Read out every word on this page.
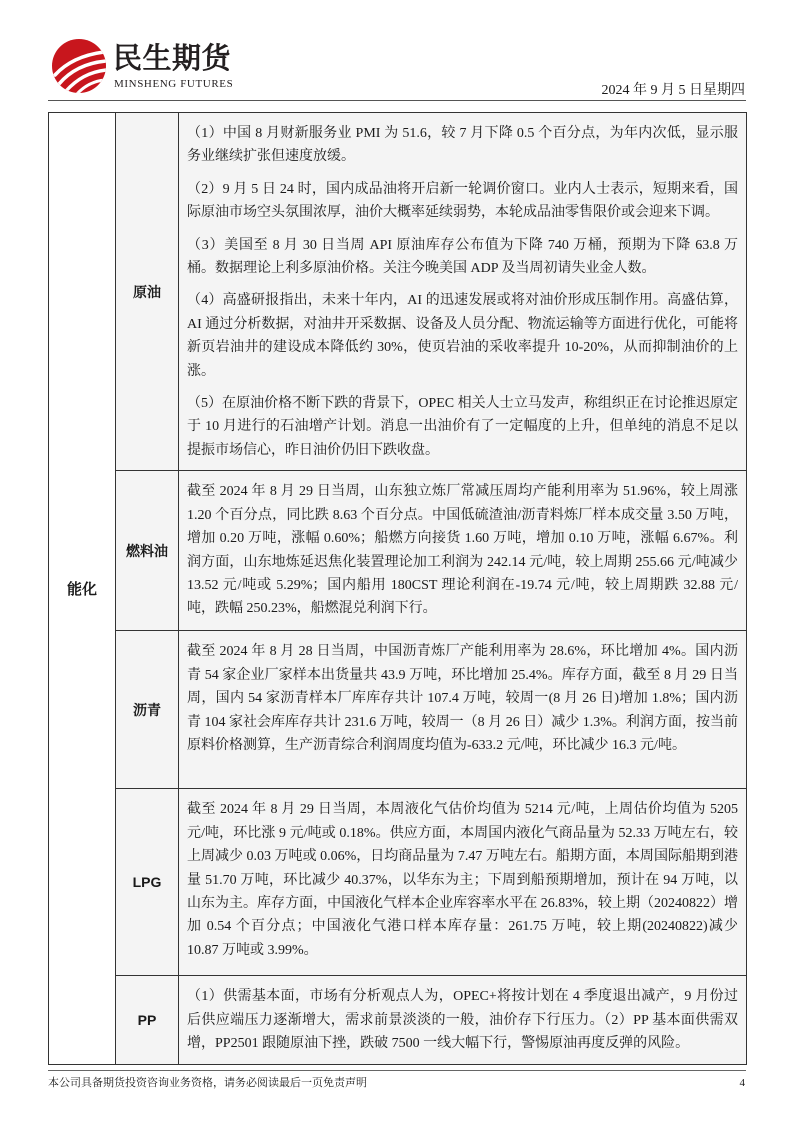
民生期货
MINSHENG FUTURES	2024 年 9 月 5 日星期四
能化	原油	（1）中国 8 月财新服务业 PMI 为 51.6，较 7 月下降 0.5 个百分点，为年内次低，显示服务业继续扩张但速度放缓。

（2）9 月 5 日 24 时，国内成品油将开启新一轮调价窗口。业内人士表示，短期来看，国际原油市场空头氛围浓厚，油价大概率延续弱势，本轮成品油零售限价或会迎来下调。

（3）美国至 8 月 30 日当周 API 原油库存公布值为下降 740 万桶，预期为下降 63.8 万桶。数据理论上利多原油价格。关注今晚美国 ADP 及当周初请失业金人数。

（4）高盛研报指出，未来十年内，AI 的迅速发展或将对油价形成压制作用。高盛估算，AI 通过分析数据，对油井开采数据、设备及人员分配、物流运输等方面进行优化，可能将新页岩油井的建设成本降低约 30%，使页岩油的采收率提升 10-20%，从而抑制油价的上涨。

（5）在原油价格不断下跌的背景下，OPEC 相关人士立马发声，称组织正在讨论推迟原定于 10 月进行的石油增产计划。消息一出油价有了一定幅度的上升，但单纯的消息不足以提振市场信心，昨日油价仍旧下跌收盘。

	燃料油	截至 2024 年 8 月 29 日当周，山东独立炼厂常减压周均产能利用率为 51.96%，较上周涨 1.20 个百分点，同比跌 8.63 个百分点。中国低硫渣油/沥青料炼厂样本成交量 3.50 万吨，增加 0.20 万吨，涨幅 0.60%；船燃方向接货 1.60 万吨，增加 0.10 万吨，涨幅 6.67%。利润方面，山东地炼延迟焦化装置理论加工利润为 242.14 元/吨，较上周期 255.66 元/吨减少 13.52 元/吨或 5.29%；国内船用 180CST 理论利润在-19.74 元/吨，较上周期跌 32.88 元/吨，跌幅 250.23%，船燃混兑利润下行。

	沥青	截至 2024 年 8 月 28 日当周，中国沥青炼厂产能利用率为 28.6%，环比增加 4%。国内沥青 54 家企业厂家样本出货量共 43.9 万吨，环比增加 25.4%。库存方面，截至 8 月 29 日当周，国内 54 家沥青样本厂库库存共计 107.4 万吨，较周一(8 月 26 日)增加 1.8%；国内沥青 104 家社会库库存共计 231.6 万吨，较周一（8 月 26 日）减少 1.3%。利润方面，按当前原料价格测算，生产沥青综合利润周度均值为-633.2 元/吨，环比减少 16.3 元/吨。

	LPG	截至 2024 年 8 月 29 日当周，本周液化气估价均值为 5214 元/吨，上周估价均值为 5205 元/吨，环比涨 9 元/吨或 0.18%。供应方面，本周国内液化气商品量为 52.33 万吨左右，较上周减少 0.03 万吨或 0.06%，日均商品量为 7.47 万吨左右。船期方面，本周国际船期到港量 51.70 万吨，环比减少 40.37%，以华东为主；下周到船预期增加，预计在 94 万吨，以山东为主。库存方面，中国液化气样本企业库容率水平在 26.83%，较上期（20240822）增加 0.54 个百分点；中国液化气港口样本库存量：261.75 万吨，较上期(20240822)减少 10.87 万吨或 3.99%。

	PP	（1）供需基本面，市场有分析观点人为，OPEC+将按计划在 4 季度退出减产，9 月份过后供应端压力逐渐增大，需求前景淡淡的一般，油价存下行压力。（2）PP 基本面供需双增，PP2501 跟随原油下挫，跌破 7500 一线大幅下行，警惕原油再度反弹的风险。

本公司具备期货投资咨询业务资格，请务必阅读最后一页免责声明	4
